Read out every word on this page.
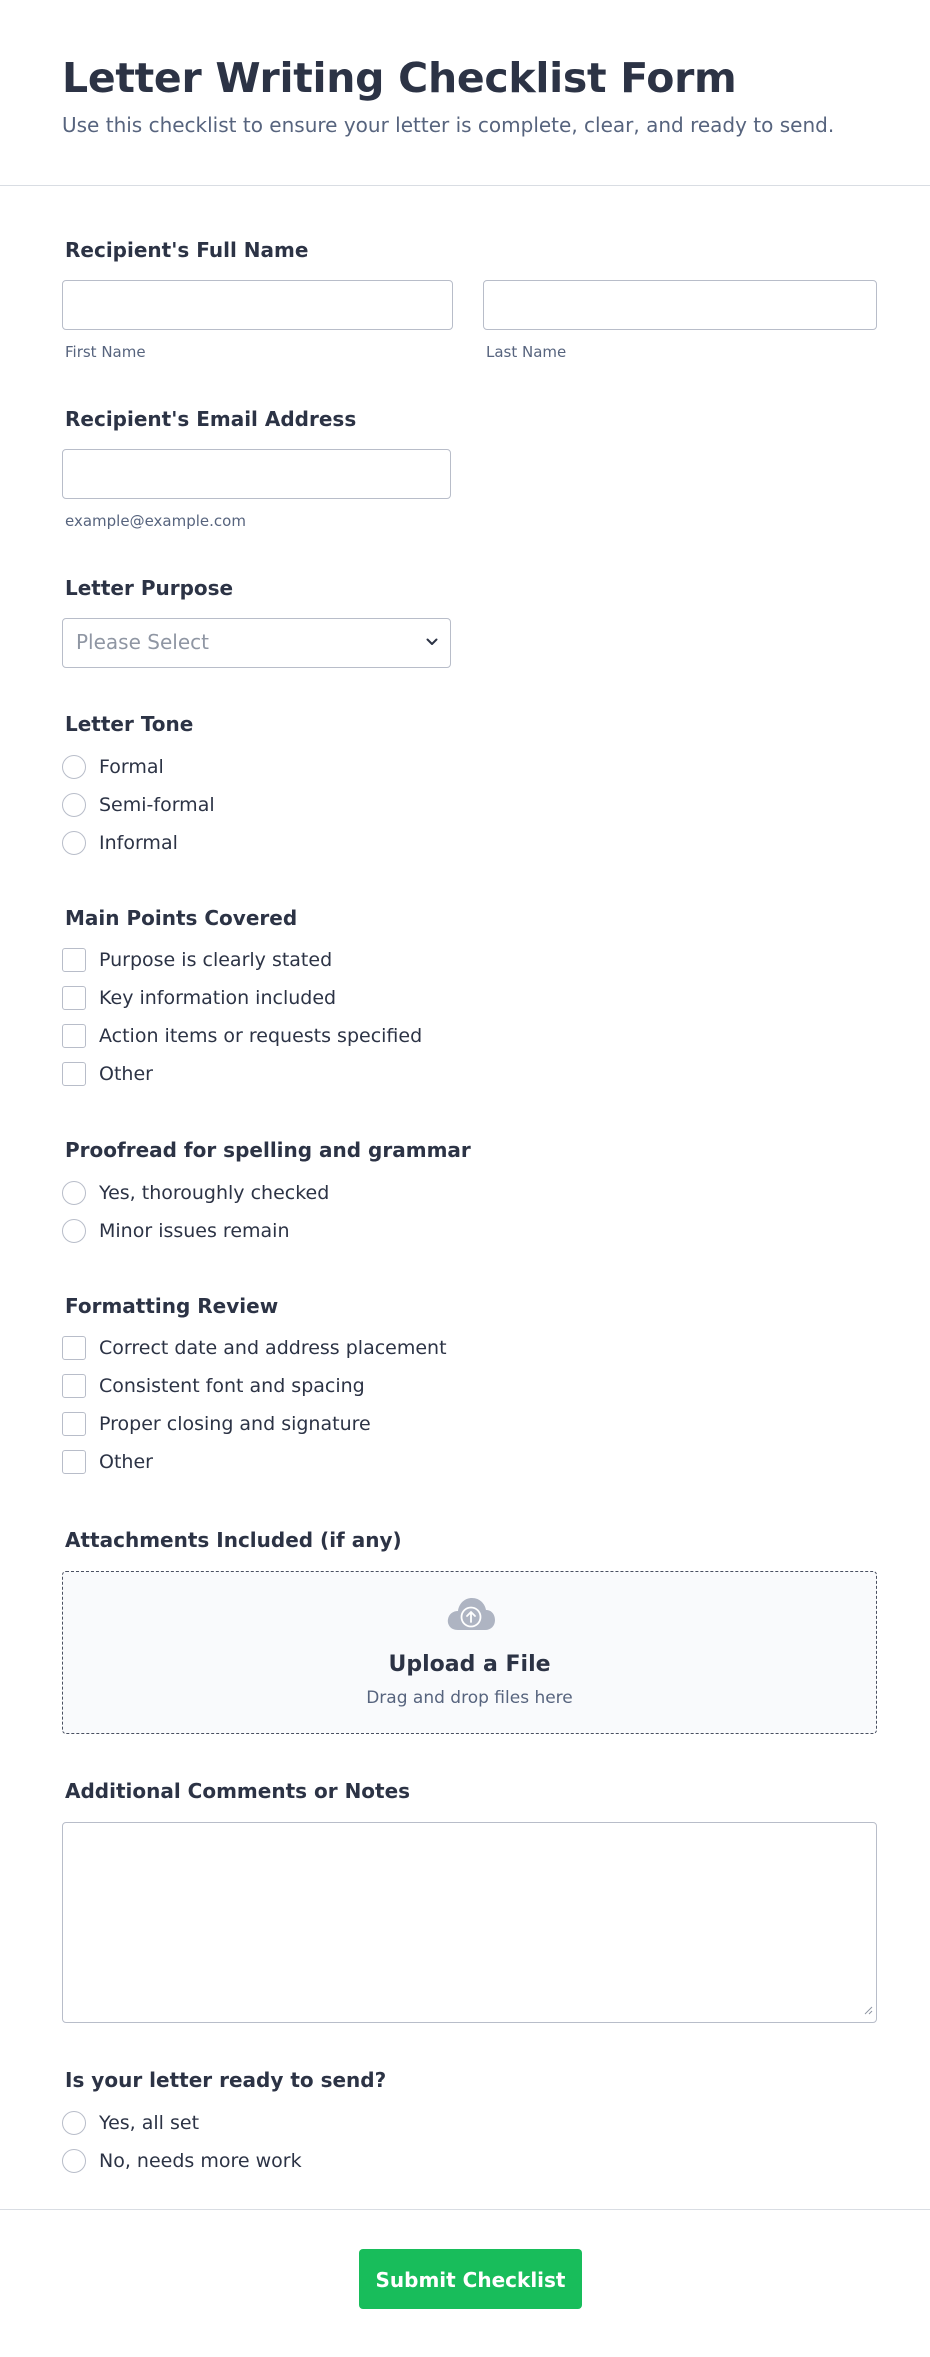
Letter Writing Checklist Form

Use this checklist to ensure your letter is complete, clear, and ready to send.

Recipient's Full Name
First Name	Last Name
Recipient's Email Address
example@example.com
Letter Purpose
Please Select
Letter Tone
Formal
Semi-formal
Informal
Main Points Covered
Purpose is clearly stated
Key information included
Action items or requests specified
Other
Proofread for spelling and grammar
Yes, thoroughly checked
Minor issues remain
Formatting Review
Correct date and address placement
Consistent font and spacing
Proper closing and signature
Other
Attachments Included (if any)
Upload a File
Drag and drop files here
Additional Comments or Notes
Is your letter ready to send?
Yes, all set
No, needs more work
Submit Checklist
